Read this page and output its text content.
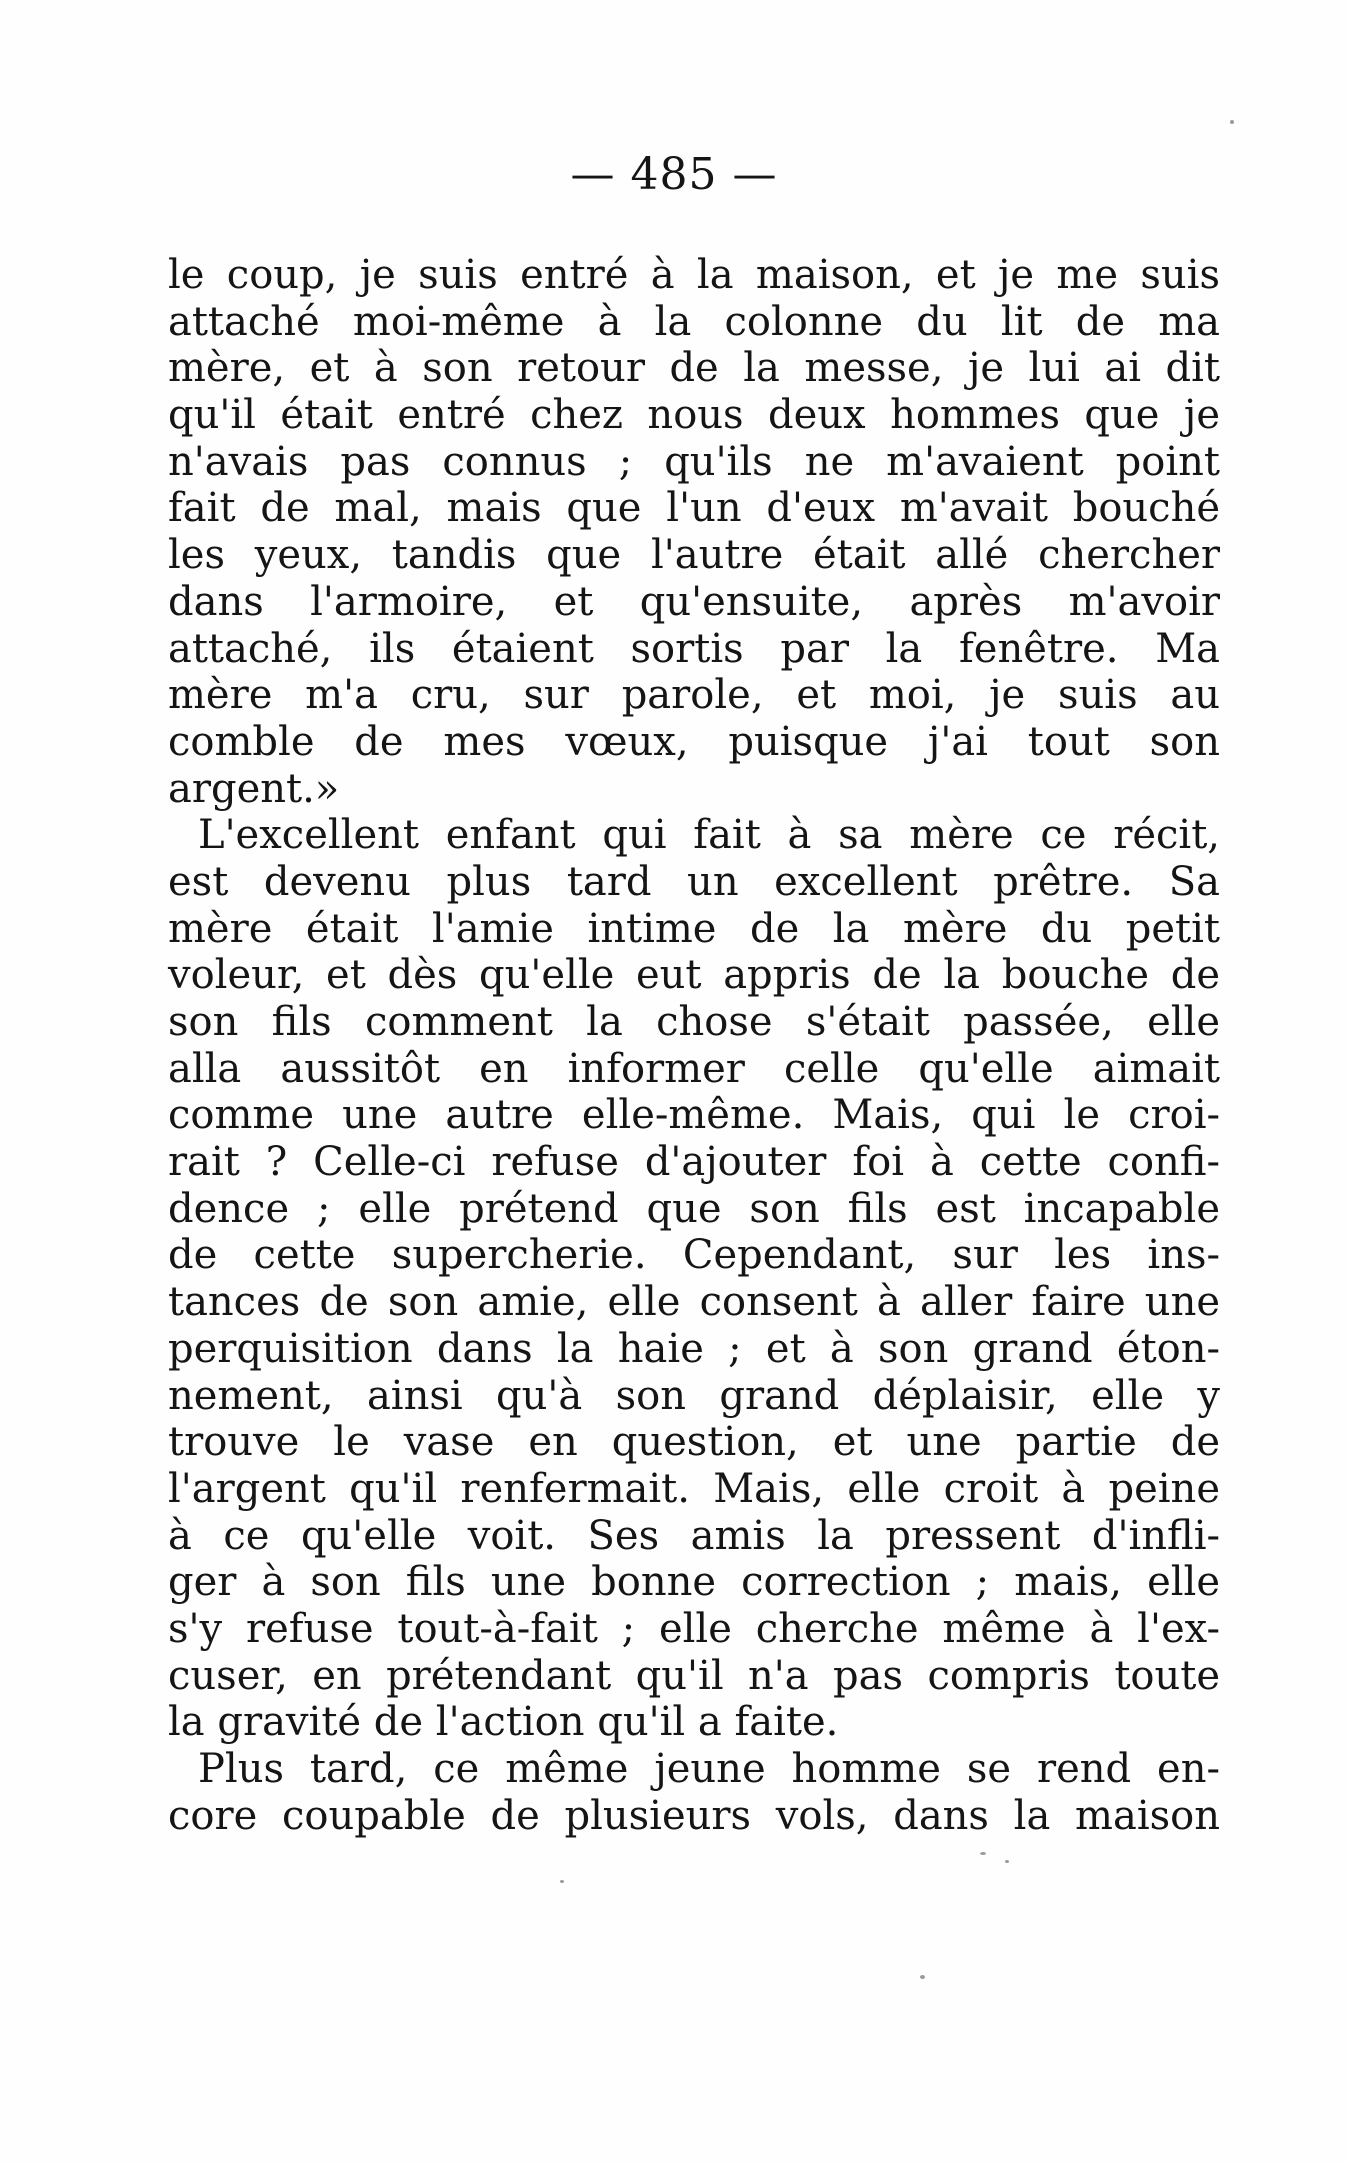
— 485 —
le coup, je suis entré à la maison, et je me suis
attaché moi-même à la colonne du lit de ma
mère, et à son retour de la messe, je lui ai dit
qu'il était entré chez nous deux hommes que je
n'avais pas connus ; qu'ils ne m'avaient point
fait de mal, mais que l'un d'eux m'avait bouché
les yeux, tandis que l'autre était allé chercher
dans l'armoire, et qu'ensuite, après m'avoir
attaché, ils étaient sortis par la fenêtre. Ma
mère m'a cru, sur parole, et moi, je suis au
comble de mes vœux, puisque j'ai tout son
argent.»
L'excellent enfant qui fait à sa mère ce récit,
est devenu plus tard un excellent prêtre. Sa
mère était l'amie intime de la mère du petit
voleur, et dès qu'elle eut appris de la bouche de
son fils comment la chose s'était passée, elle
alla aussitôt en informer celle qu'elle aimait
comme une autre elle-même. Mais, qui le croi-
rait ? Celle-ci refuse d'ajouter foi à cette confi-
dence ; elle prétend que son fils est incapable
de cette supercherie. Cependant, sur les ins-
tances de son amie, elle consent à aller faire une
perquisition dans la haie ; et à son grand éton-
nement, ainsi qu'à son grand déplaisir, elle y
trouve le vase en question, et une partie de
l'argent qu'il renfermait. Mais, elle croit à peine
à ce qu'elle voit. Ses amis la pressent d'infli-
ger à son fils une bonne correction ; mais, elle
s'y refuse tout-à-fait ; elle cherche même à l'ex-
cuser, en prétendant qu'il n'a pas compris toute
la gravité de l'action qu'il a faite.
Plus tard, ce même jeune homme se rend en-
core coupable de plusieurs vols, dans la maison
